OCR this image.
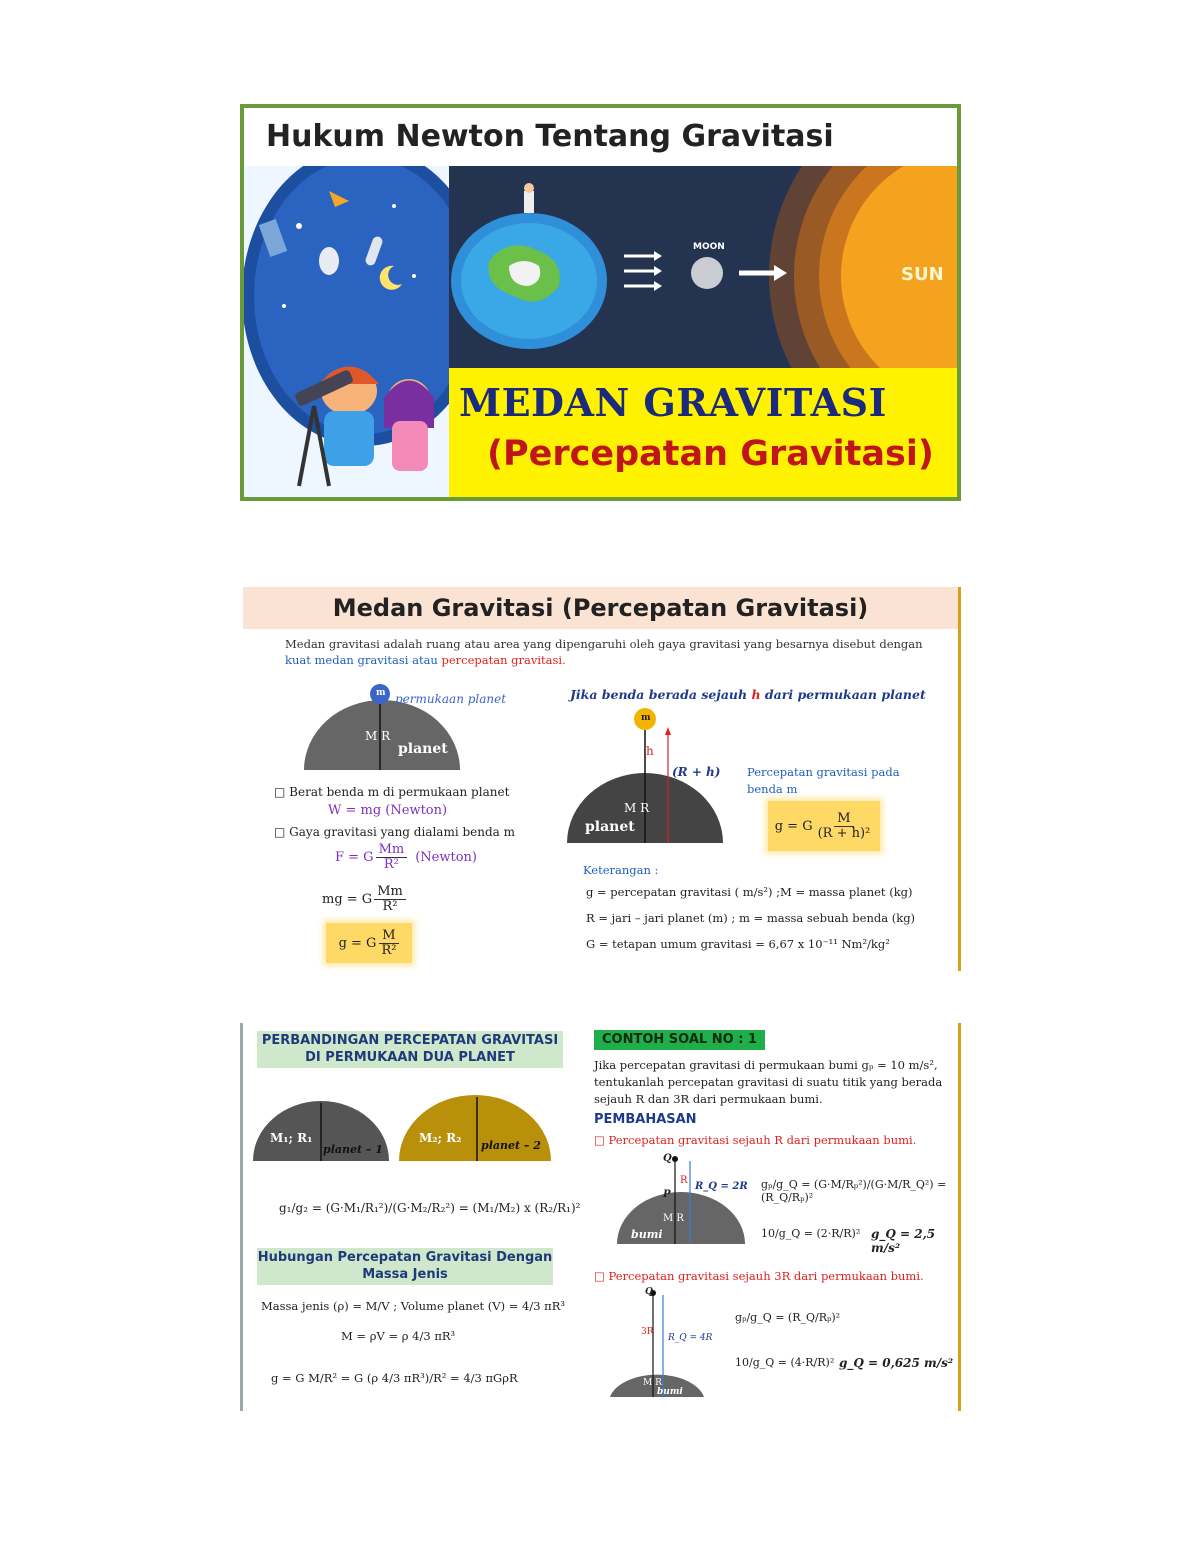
Hukum Newton Tentang Gravitasi
MOON
SUN
MEDAN GRAVITASI
(Percepatan Gravitasi)
Medan Gravitasi (Percepatan Gravitasi)
Medan gravitasi adalah ruang atau area yang dipengaruhi oleh gaya gravitasi yang besarnya disebut dengan
kuat medan gravitasi atau percepatan gravitasi.
m permukaan planet
M R
planet
□ Berat benda m di permukaan planet
W = mg (Newton)
□ Gaya gravitasi yang dialami benda m
F = G $\frac{Mm}{\text{R²}}$ (Newton)
mg = G $\frac{Mm}{\text{R²}}$
g = G $\frac{M}{\text{R²}}$
Jika benda berada sejauh h dari permukaan planet
m
h
(R + h)
M R
planet
Percepatan gravitasi pada
benda m
g = G $\frac{M}{\text{(R + h)²}}$
Keterangan :
g = percepatan gravitasi ( m/s²) ;M = massa planet (kg)
R = jari – jari planet (m) ; m = massa sebuah benda (kg)
G = tetapan umum gravitasi = 6,67 x 10⁻¹¹ Nm²/kg²
PERBANDINGAN PERCEPATAN GRAVITASI
DI PERMUKAAN DUA PLANET
M₁; R₁
planet – 1
M₂; R₂
planet – 2
g₁/g₂ = (G·M₁/R₁²)/(G·M₂/R₂²) = (M₁/M₂) x (R₂/R₁)²
Hubungan Percepatan Gravitasi Dengan
Massa Jenis
Massa jenis (ρ) = M/V ; Volume planet (V) = 4/3 πR³
M = ρV = ρ 4/3 πR³
g = G M/R² = G (ρ 4/3 πR³)/R² = 4/3 πGρR
CONTOH SOAL NO : 1
Jika percepatan gravitasi di permukaan bumi gₚ = 10 m/s²,
tentukanlah percepatan gravitasi di suatu titik yang berada
sejauh R dan 3R dari permukaan bumi.
PEMBAHASAN
□ Percepatan gravitasi sejauh R dari permukaan bumi.
Q
P
R
R_Q = 2R
M R
bumi
gₚ/g_Q = (G·M/Rₚ²)/(G·M/R_Q²) = (R_Q/Rₚ)²
10/g_Q = (2·R/R)² g_Q = 2,5 m/s²
□ Percepatan gravitasi sejauh 3R dari permukaan bumi.
Q
3R
R_Q = 4R
M R
bumi
gₚ/g_Q = (R_Q/Rₚ)²
10/g_Q = (4·R/R)² g_Q = 0,625 m/s²
